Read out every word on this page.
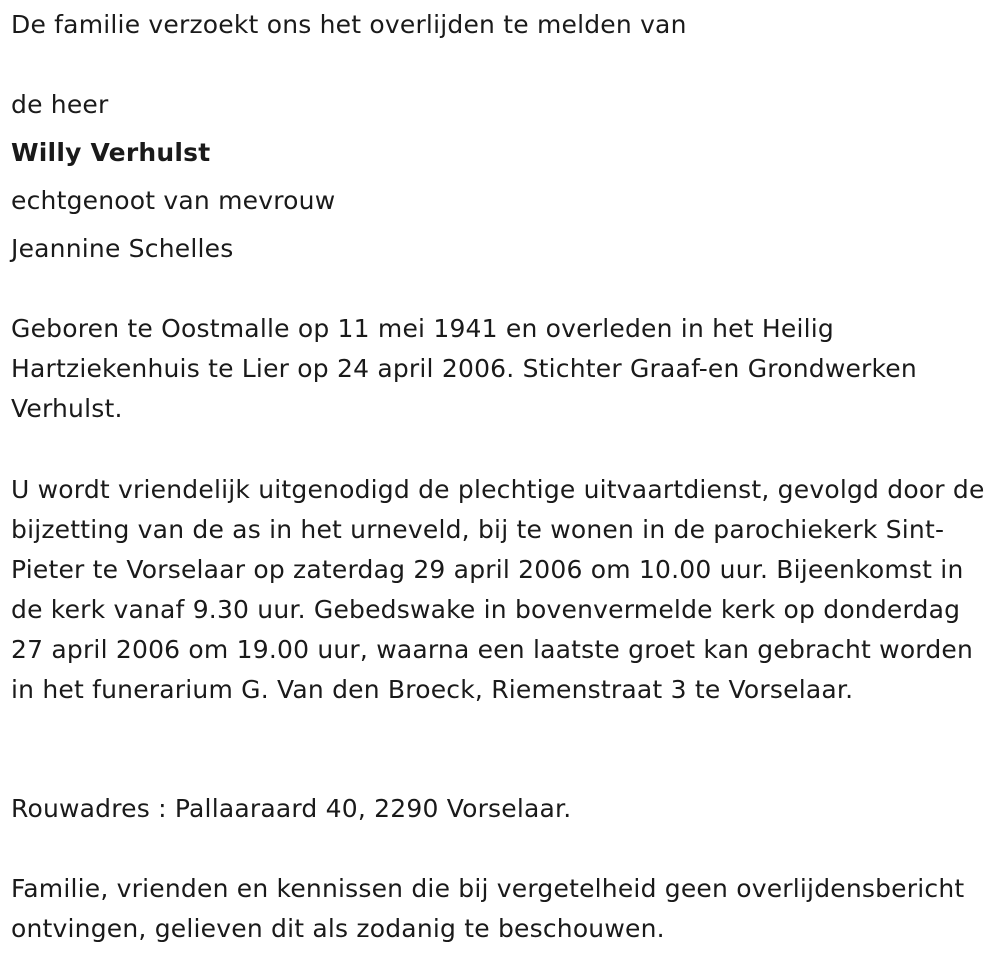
De familie verzoekt ons het overlijden te melden van
de heer
Willy Verhulst
echtgenoot van mevrouw
Jeannine Schelles
Geboren te Oostmalle op 11 mei 1941 en overleden in het Heilig Hartziekenhuis te Lier op 24 april 2006. Stichter Graaf-en Grondwerken Verhulst.
U wordt vriendelijk uitgenodigd de plechtige uitvaartdienst, gevolgd door de bijzetting van de as in het urneveld, bij te wonen in de parochiekerk Sint-Pieter te Vorselaar op zaterdag 29 april 2006 om 10.00 uur. Bijeenkomst in de kerk vanaf 9.30 uur. Gebedswake in bovenvermelde kerk op donderdag 27 april 2006 om 19.00 uur, waarna een laatste groet kan gebracht worden in het funerarium G. Van den Broeck, Riemenstraat 3 te Vorselaar.
Rouwadres : Pallaaraard 40, 2290 Vorselaar.
Familie, vrienden en kennissen die bij vergetelheid geen overlijdensbericht ontvingen, gelieven dit als zodanig te beschouwen.
